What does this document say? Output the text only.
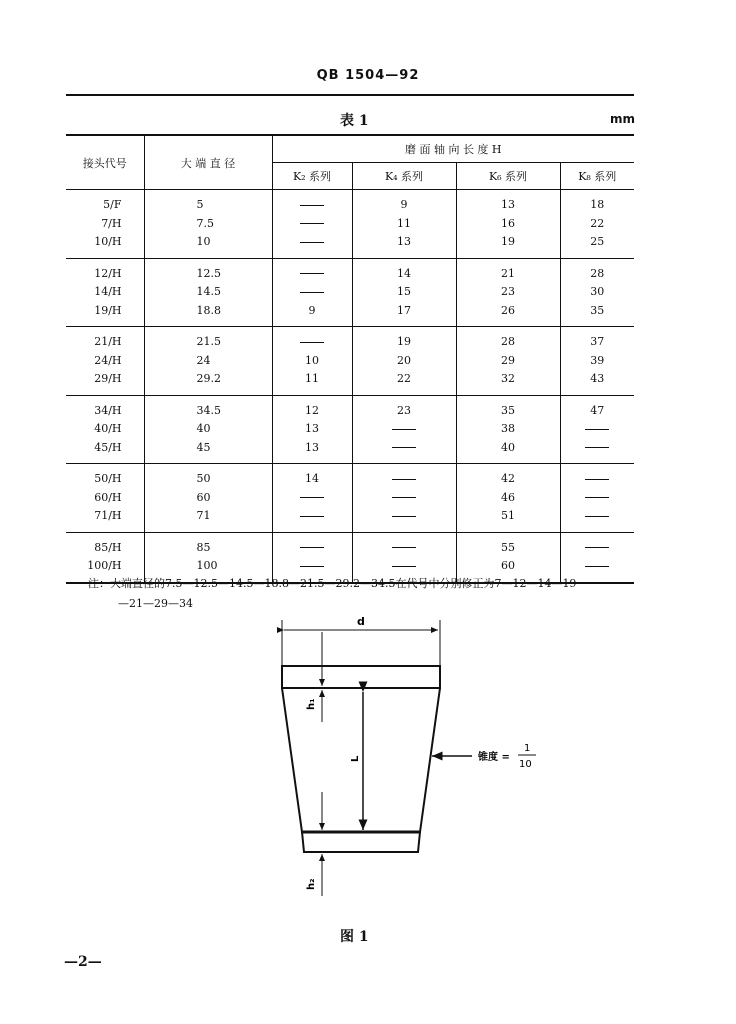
QB 1504—92
表 1	mm
接头代号	大 端 直 径	磨 面 轴 向 长 度 H			
		K₂ 系列	K₄ 系列	K₆ 系列	K₈ 系列
5/F	5		9	13	18
7/H	7.5		11	16	22
10/H	10		13	19	25
12/H	12.5		14	21	28
14/H	14.5		15	23	30
19/H	18.8	9	17	26	35
21/H	21.5		19	28	37
24/H	24	10	20	29	39
29/H	29.2	11	22	32	43
34/H	34.5	12	23	35	47
40/H	40	13		38	
45/H	45	13		40	
50/H	50	14		42	
60/H	60			46	
71/H	71			51	
85/H	85			55	
100/H	100			60	
注：大端直径的7.5—12.5—14.5—18.8—21.5—29.2—34.5在代号中分别修正为7—12—14—19
—21—29—34
d
h₁
L
h₂
锥度 =
1
10
图 1
—2—
